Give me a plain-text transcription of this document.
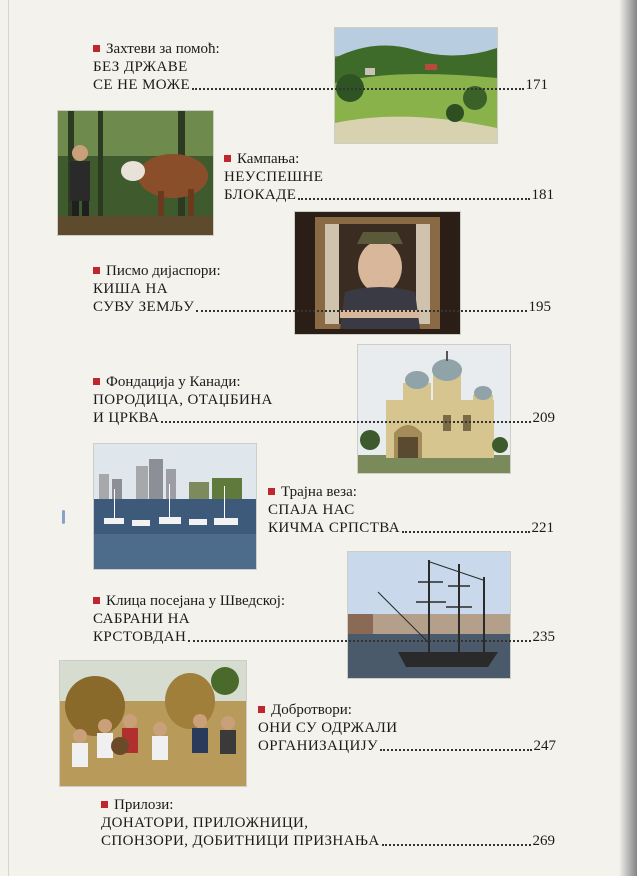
Захтеви за помоћ:
БЕЗ ДРЖАВЕ
СЕ НЕ МОЖЕ	171
Кампања:
НЕУСПЕШНЕ
БЛОКАДЕ	181
Писмо дијаспори:
КИША НА
СУВУ ЗЕМЉУ	195
Фондација у Канади:
ПОРОДИЦА, ОТАЏБИНА
И ЦРКВА	209
Трајна веза:
СПАЈА НАС
КИЧМА СРПСТВА	221
Клица посејана у Шведској:
САБРАНИ НА
КРСТОВДАН	235
Добротвори:
ОНИ СУ ОДРЖАЛИ
ОРГАНИЗАЦИЈУ	247
Прилози:
ДОНАТОРИ, ПРИЛОЖНИЦИ,
СПОНЗОРИ, ДОБИТНИЦИ ПРИЗНАЊА	269
